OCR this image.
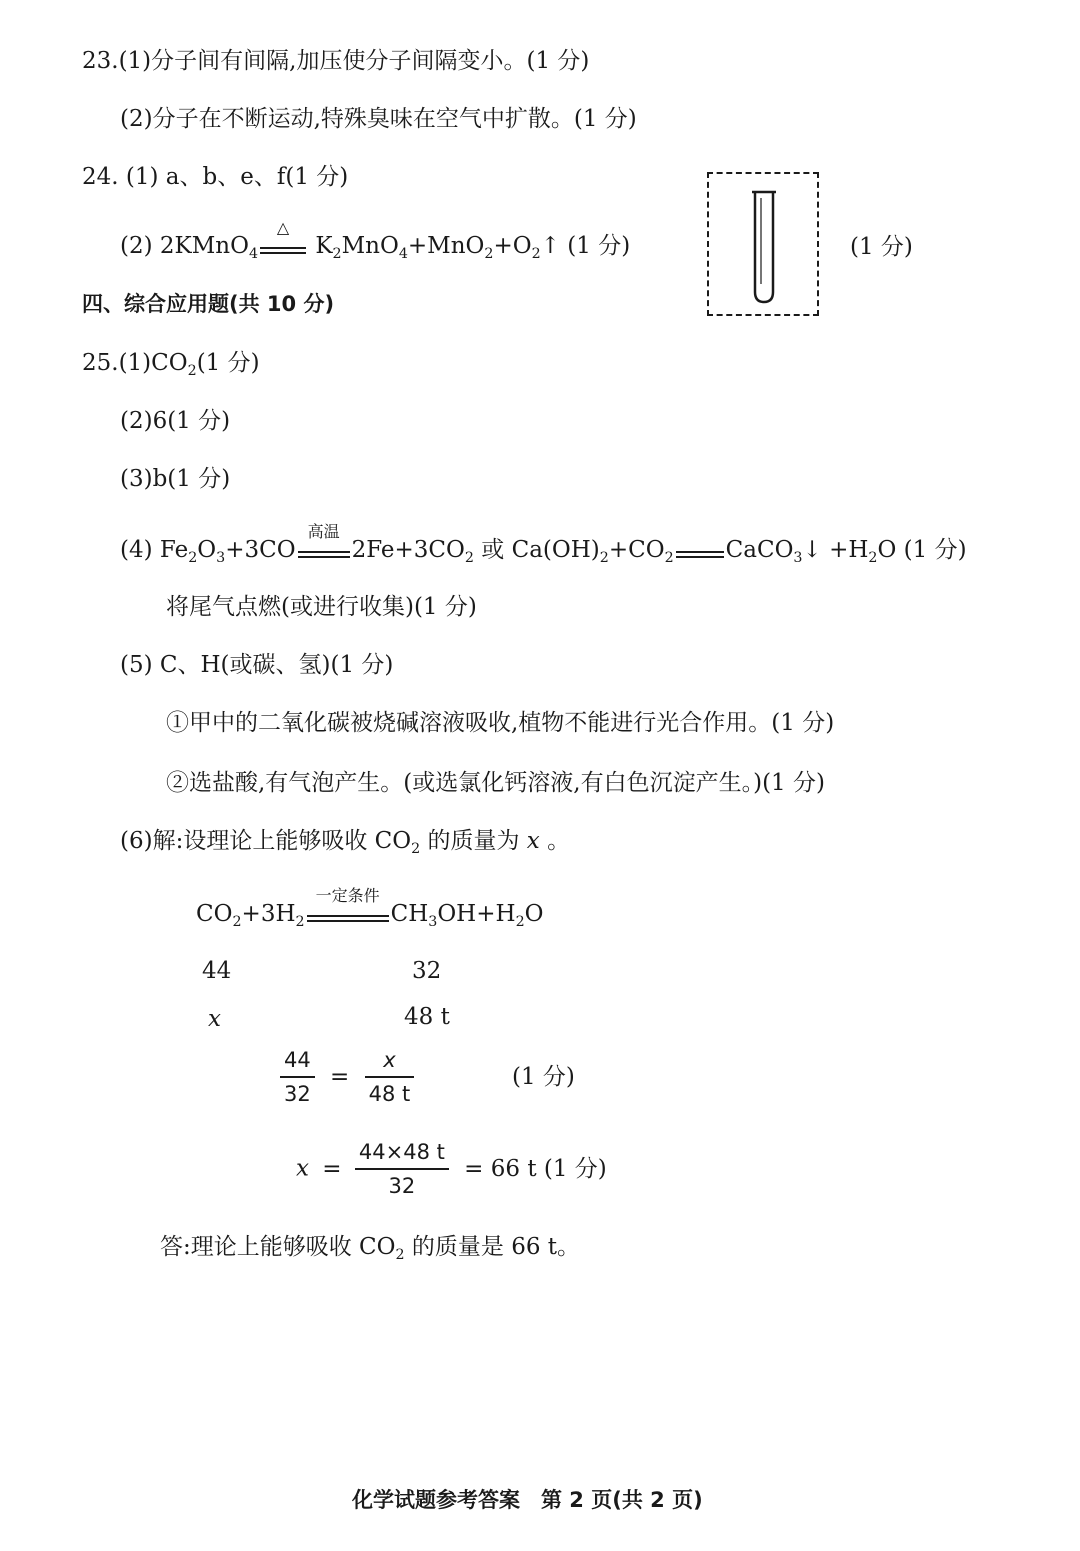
23.(1)分子间有间隔,加压使分子间隔变小。(1 分)
(2)分子在不断运动,特殊臭味在空气中扩散。(1 分)
24. (1) a、b、e、f(1 分)
(2) 2KMnO$_4$
△
$K_2MnO_4+MnO_2+O_2↑$ (1 分)	(1 分)
四、综合应用题(共 10 分)
$25.(1)CO_2(1$ 分)
(2)6(1 分)
(3)b(1 分)
(4) $Fe_2O_3+3CO$
高温
$2Fe+3CO_2$ 或 $Ca(OH)_2+CO_2$ CaCO$_3$↓ $+H_2O$ (1 分)
将尾气点燃(或进行收集)(1 分)
(5) C、H(或碳、氢)(1 分)
①甲中的二氧化碳被烧碱溶液吸收,植物不能进行光合作用。(1 分)
②选盐酸,有气泡产生。(或选氯化钙溶液,有白色沉淀产生。)(1 分)
(6)解:设理论上能够吸收 $CO_2$ 的质量为 x 。
$CO_2+3H_2$
一定条件
$CH_3OH+H_2O$
44	32
x	48 t
$\frac{44}{32} = \frac{x}{48 t}$	(1 分)
$x = \frac{44\times 48 t}{32} = 66$ t (1 分)
答:理论上能够吸收 $CO_2$ 的质量是 66 t。
化学试题参考答案　第 2 页(共 2 页)
